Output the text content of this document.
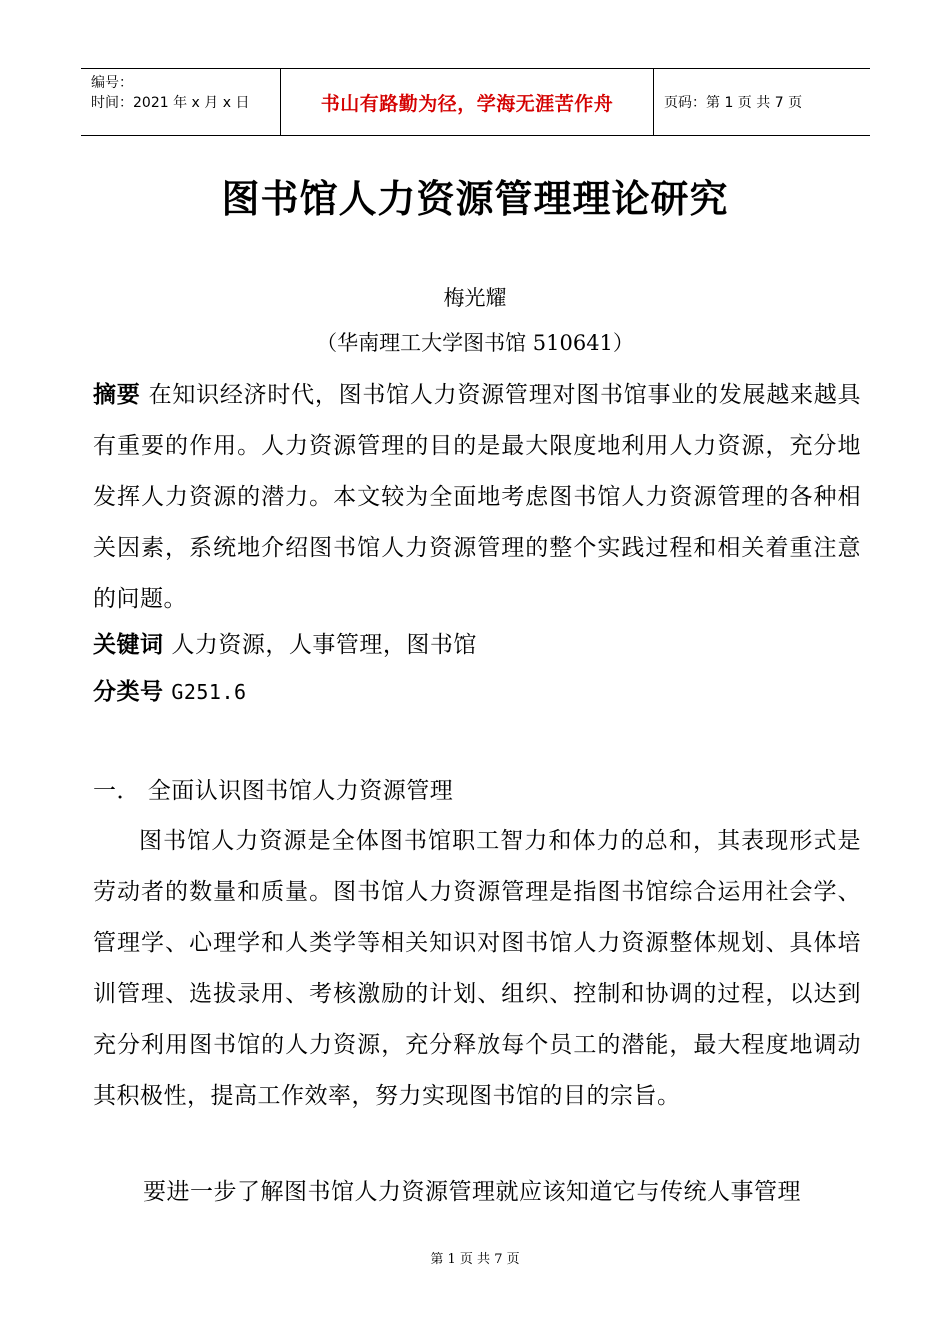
编号：
时间：2021 年 x 月 x 日	书山有路勤为径，学海无涯苦作舟	页码：第 1 页 共 7 页
图书馆人力资源管理理论研究
梅光耀
（华南理工大学图书馆 510641）
摘要 在知识经济时代，图书馆人力资源管理对图书馆事业的发展越来越具有重要的作用。人力资源管理的目的是最大限度地利用人力资源，充分地发挥人力资源的潜力。本文较为全面地考虑图书馆人力资源管理的各种相关因素，系统地介绍图书馆人力资源管理的整个实践过程和相关着重注意的问题。
关键词 人力资源，人事管理，图书馆
分类号 G251.6
一． 全面认识图书馆人力资源管理
图书馆人力资源是全体图书馆职工智力和体力的总和，其表现形式是劳动者的数量和质量。图书馆人力资源管理是指图书馆综合运用社会学、管理学、心理学和人类学等相关知识对图书馆人力资源整体规划、具体培训管理、选拔录用、考核激励的计划、组织、控制和协调的过程，以达到充分利用图书馆的人力资源，充分释放每个员工的潜能，最大程度地调动其积极性，提高工作效率，努力实现图书馆的目的宗旨。
要进一步了解图书馆人力资源管理就应该知道它与传统人事管理
第 1 页 共 7 页
